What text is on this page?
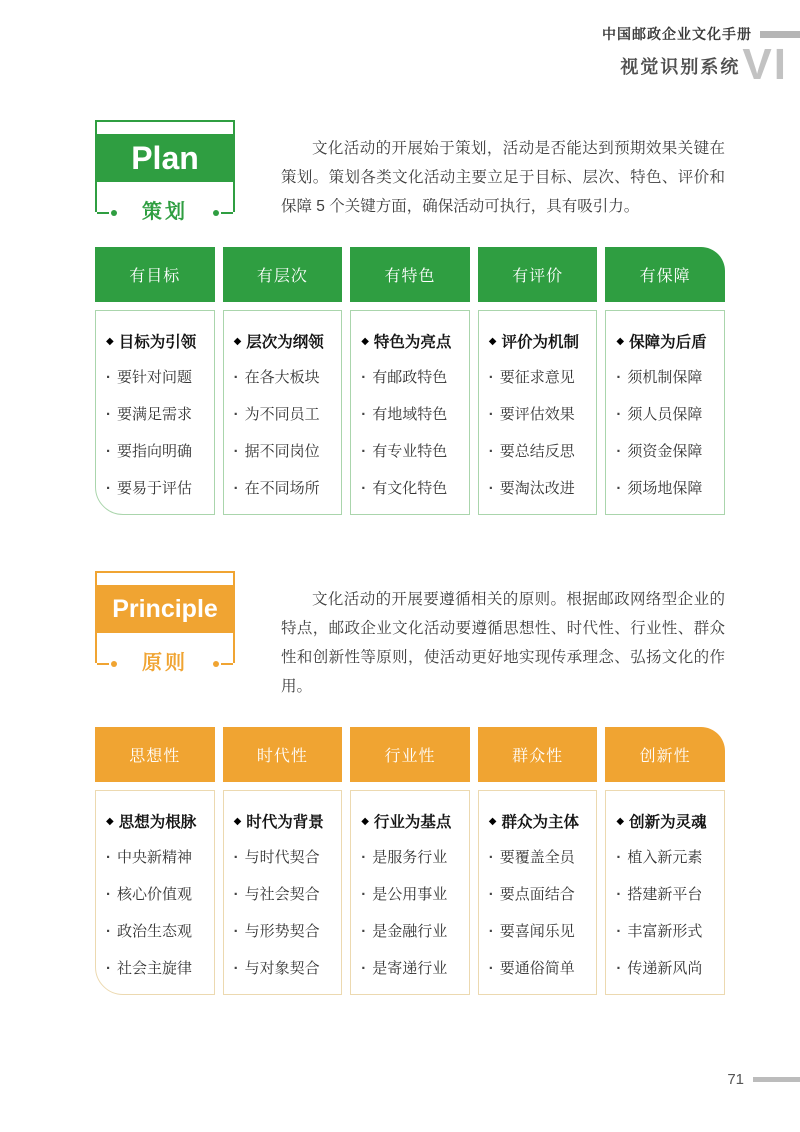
中国邮政企业文化手册
视觉识别系统 VI
Plan
策划

文化活动的开展始于策划，活动是否能达到预期效果关键在策划。策划各类文化活动主要立足于目标、层次、特色、评价和保障 5 个关键方面，确保活动可执行，具有吸引力。

有目标
◆ 目标为引领
· 要针对问题
· 要满足需求
· 要指向明确
· 要易于评估
有层次
◆ 层次为纲领
· 在各大板块
· 为不同员工
· 据不同岗位
· 在不同场所
有特色
◆ 特色为亮点
· 有邮政特色
· 有地域特色
· 有专业特色
· 有文化特色
有评价
◆ 评价为机制
· 要征求意见
· 要评估效果
· 要总结反思
· 要淘汰改进
有保障
◆ 保障为后盾
· 须机制保障
· 须人员保障
· 须资金保障
· 须场地保障
Principle
原则

文化活动的开展要遵循相关的原则。根据邮政网络型企业的特点，邮政企业文化活动要遵循思想性、时代性、行业性、群众性和创新性等原则，使活动更好地实现传承理念、弘扬文化的作用。

思想性
◆ 思想为根脉
· 中央新精神
· 核心价值观
· 政治生态观
· 社会主旋律
时代性
◆ 时代为背景
· 与时代契合
· 与社会契合
· 与形势契合
· 与对象契合
行业性
◆ 行业为基点
· 是服务行业
· 是公用事业
· 是金融行业
· 是寄递行业
群众性
◆ 群众为主体
· 要覆盖全员
· 要点面结合
· 要喜闻乐见
· 要通俗简单
创新性
◆ 创新为灵魂
· 植入新元素
· 搭建新平台
· 丰富新形式
· 传递新风尚
71
